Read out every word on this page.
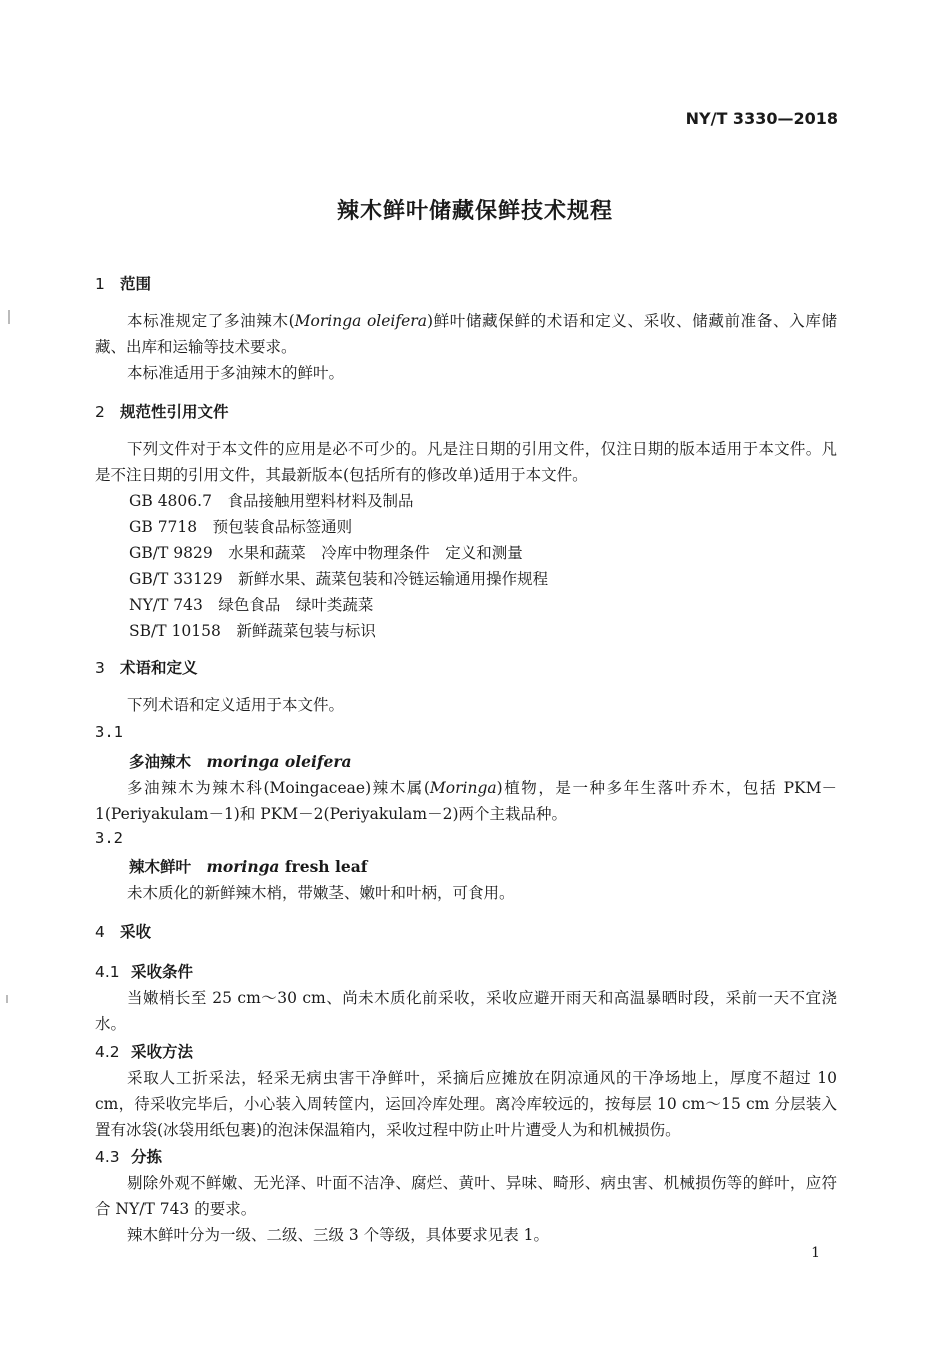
NY/T 3330—2018
辣木鲜叶储藏保鲜技术规程
1 范围
本标准规定了多油辣木(Moringa oleifera)鲜叶储藏保鲜的术语和定义、采收、储藏前准备、入库储藏、出库和运输等技术要求。
本标准适用于多油辣木的鲜叶。
2 规范性引用文件
下列文件对于本文件的应用是必不可少的。凡是注日期的引用文件，仅注日期的版本适用于本文件。凡是不注日期的引用文件，其最新版本(包括所有的修改单)适用于本文件。
GB 4806.7　 食品接触用塑料材料及制品
GB 7718　 预包装食品标签通则
GB/T 9829　 水果和蔬菜　冷库中物理条件　定义和测量
GB/T 33129　 新鲜水果、蔬菜包装和冷链运输通用操作规程
NY/T 743　 绿色食品　绿叶类蔬菜
SB/T 10158　 新鲜蔬菜包装与标识
3 术语和定义
下列术语和定义适用于本文件。
3.1
多油辣木　 moringa oleifera
多油辣木为辣木科(Moingaceae)辣木属(Moringa)植物，是一种多年生落叶乔木，包括 PKM－1(Periyakulam－1)和 PKM－2(Periyakulam－2)两个主栽品种。
3.2
辣木鲜叶　 moringa fresh leaf
未木质化的新鲜辣木梢，带嫩茎、嫩叶和叶柄，可食用。
4 采收
4.1 采收条件
当嫩梢长至 25 cm～30 cm、尚未木质化前采收，采收应避开雨天和高温暴晒时段，采前一天不宜浇水。
4.2 采收方法
采取人工折采法，轻采无病虫害干净鲜叶，采摘后应摊放在阴凉通风的干净场地上，厚度不超过 10 cm，待采收完毕后，小心装入周转筐内，运回冷库处理。离冷库较远的，按每层 10 cm～15 cm 分层装入置有冰袋(冰袋用纸包裹)的泡沫保温箱内，采收过程中防止叶片遭受人为和机械损伤。
4.3 分拣
剔除外观不鲜嫩、无光泽、叶面不洁净、腐烂、黄叶、异味、畸形、病虫害、机械损伤等的鲜叶，应符合 NY/T 743 的要求。
辣木鲜叶分为一级、二级、三级 3 个等级，具体要求见表 1。
1
